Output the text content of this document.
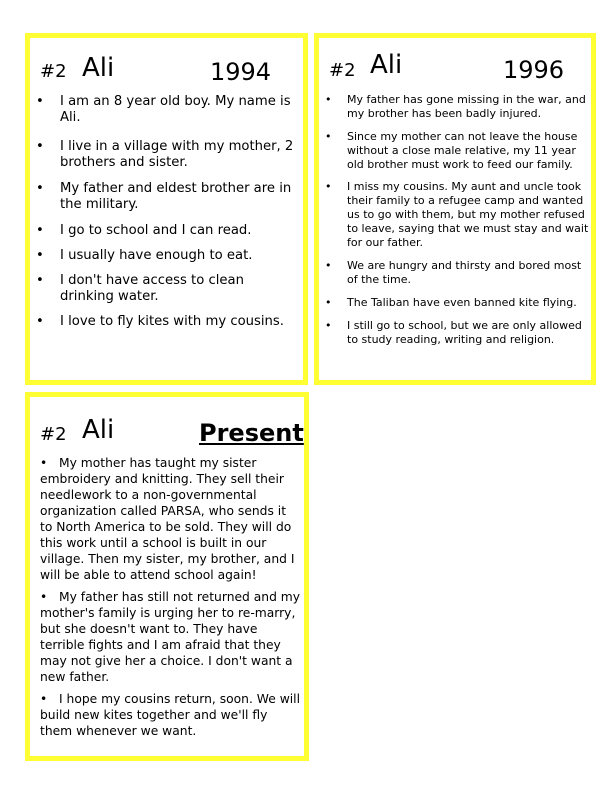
#2 Ali	1994
• I am an 8 year old boy. My name is Ali.
• I live in a village with my mother, 2 brothers and sister.
• My father and eldest brother are in the military.
• I go to school and I can read.
• I usually have enough to eat.
• I don't have access to clean drinking water.
• I love to fly kites with my cousins.
#2 Ali	1996
• My father has gone missing in the war, and my brother has been badly injured.
• Since my mother can not leave the house without a close male relative, my 11 year old brother must work to feed our family.
• I miss my cousins. My aunt and uncle took their family to a refugee camp and wanted us to go with them, but my mother refused to leave, saying that we must stay and wait for our father.
• We are hungry and thirsty and bored most of the time.
• The Taliban have even banned kite flying.
• I still go to school, but we are only allowed to study reading, writing and religion.
#2 Ali	Present

• My mother has taught my sister embroidery and knitting. They sell their needlework to a non-governmental organization called PARSA, who sends it to North America to be sold. They will do this work until a school is built in our village. Then my sister, my brother, and I will be able to attend school again!

• My father has still not returned and my mother's family is urging her to re-marry, but she doesn't want to. They have terrible fights and I am afraid that they may not give her a choice. I don't want a new father.

• I hope my cousins return, soon. We will build new kites together and we'll fly them whenever we want.
